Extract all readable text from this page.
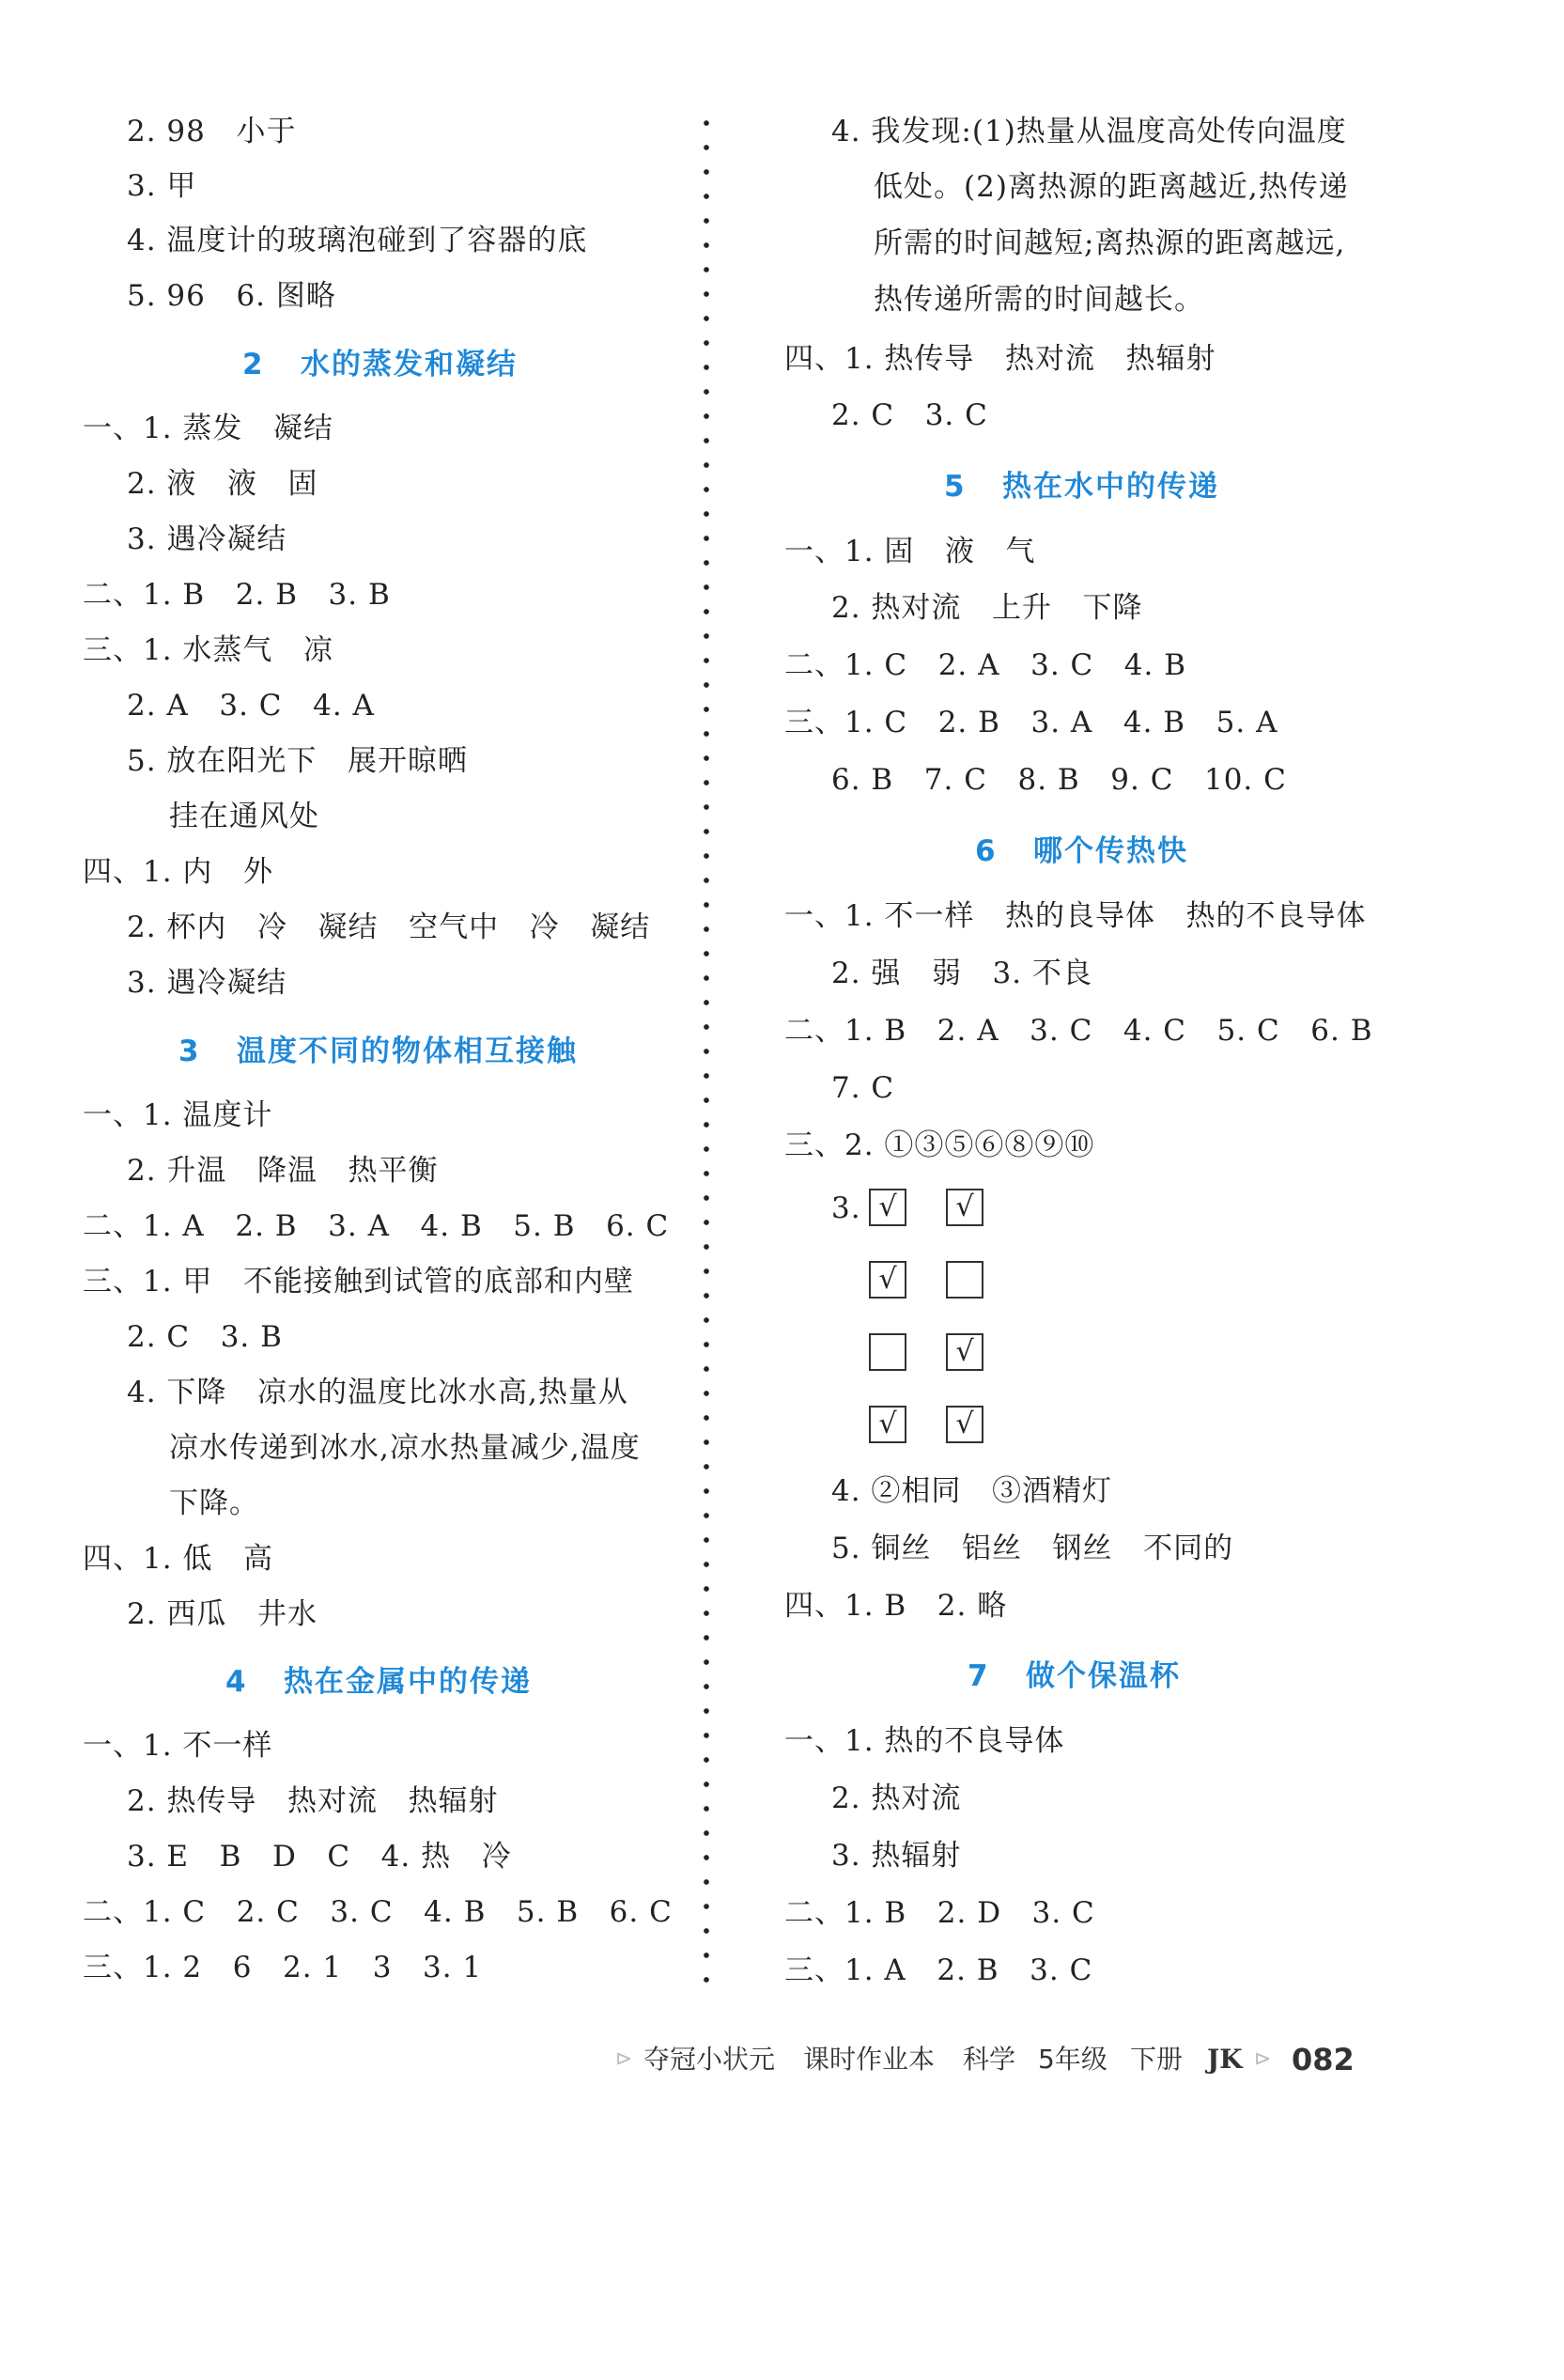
2. 98   小于
3. 甲
4. 温度计的玻璃泡碰到了容器的底
5. 96   6. 图略
2   水的蒸发和凝结
一、1. 蒸发   凝结
2. 液   液   固
3. 遇冷凝结
二、1. B   2. B   3. B
三、1. 水蒸气   凉
2. A   3. C   4. A
5. 放在阳光下   展开晾晒
挂在通风处
四、1. 内   外
2. 杯内   冷   凝结   空气中   冷   凝结
3. 遇冷凝结
3   温度不同的物体相互接触
一、1. 温度计
2. 升温   降温   热平衡
二、1. A   2. B   3. A   4. B   5. B   6. C
三、1. 甲   不能接触到试管的底部和内壁
2. C   3. B
4. 下降   凉水的温度比冰水高,热量从
凉水传递到冰水,凉水热量减少,温度
下降。
四、1. 低   高
2. 西瓜   井水
4   热在金属中的传递
一、1. 不一样
2. 热传导   热对流   热辐射
3. E   B   D   C   4. 热   冷
二、1. C   2. C   3. C   4. B   5. B   6. C
三、1. 2   6   2. 1   3   3. 1
4. 我发现:(1)热量从温度高处传向温度
低处。(2)离热源的距离越近,热传递
所需的时间越短;离热源的距离越远,
热传递所需的时间越长。
四、1. 热传导   热对流   热辐射
2. C   3. C
5   热在水中的传递
一、1. 固   液   气
2. 热对流   上升   下降
二、1. C   2. A   3. C   4. B
三、1. C   2. B   3. A   4. B   5. A
6. B   7. C   8. B   9. C   10. C
6   哪个传热快
一、1. 不一样   热的良导体   热的不良导体
2. 强   弱   3. 不良
二、1. B   2. A   3. C   4. C   5. C   6. B
7. C
三、2. ①③⑤⑥⑧⑨⑩
3. √	√
√
√
√	√
4. ②相同   ③酒精灯
5. 铜丝   铝丝   钢丝   不同的
四、1. B   2. 略
7   做个保温杯
一、1. 热的不良导体
2. 热对流
3. 热辐射
二、1. B   2. D   3. C
三、1. A   2. B   3. C

⊳

夺冠小状元

课时作业本

科学

5年级

下册

JK

⊳

082
